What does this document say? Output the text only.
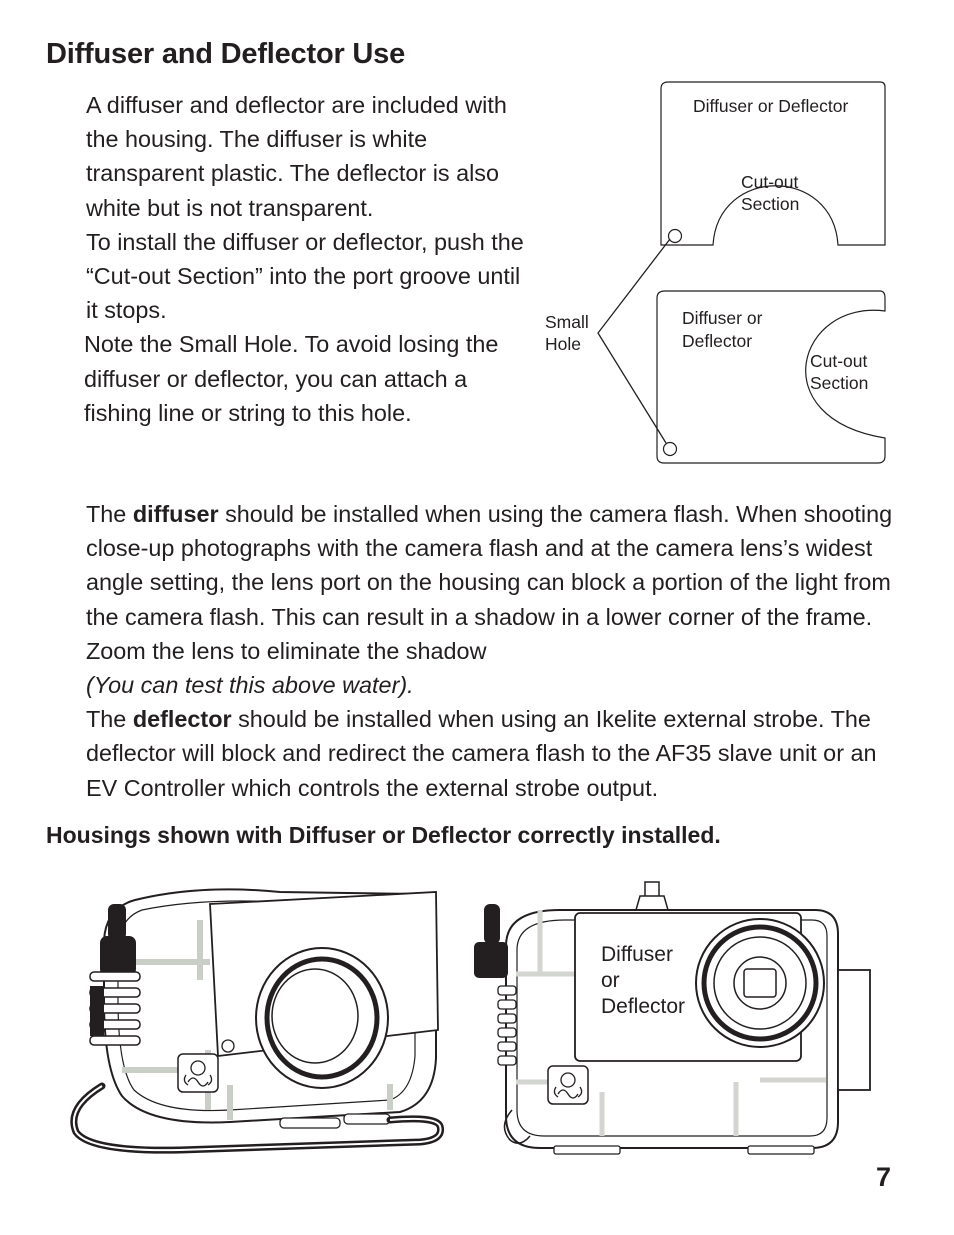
Diffuser and Deflector Use

A diffuser and deflector are included with the housing. The diffuser is white transparent plastic. The deflector is also white but is not transparent.

To install the diffuser or deflector, push the “Cut-out Section” into the port groove until it stops.

Note the Small Hole. To avoid losing the diffuser or deflector, you can attach a fishing line or string to this hole.

Diffuser or Deflector
Cut-out
Section
Diffuser or
Deflector
Cut-out
Section
Small
Hole

The diffuser should be installed when using the camera flash. When shooting close-up photographs with the camera flash and at the camera lens’s widest angle setting, the lens port on the housing can block a portion of the light from the camera flash. This can result in a shadow in a lower corner of the frame. Zoom the lens to eliminate the shadow
(You can test this above water).

The deflector should be installed when using an Ikelite external strobe. The deflector will block and redirect the camera flash to the AF35 slave unit or an EV Controller which controls the external strobe output.

Housings shown with Diffuser or Deflector correctly installed.

Diffuser
or
Deflector
7
